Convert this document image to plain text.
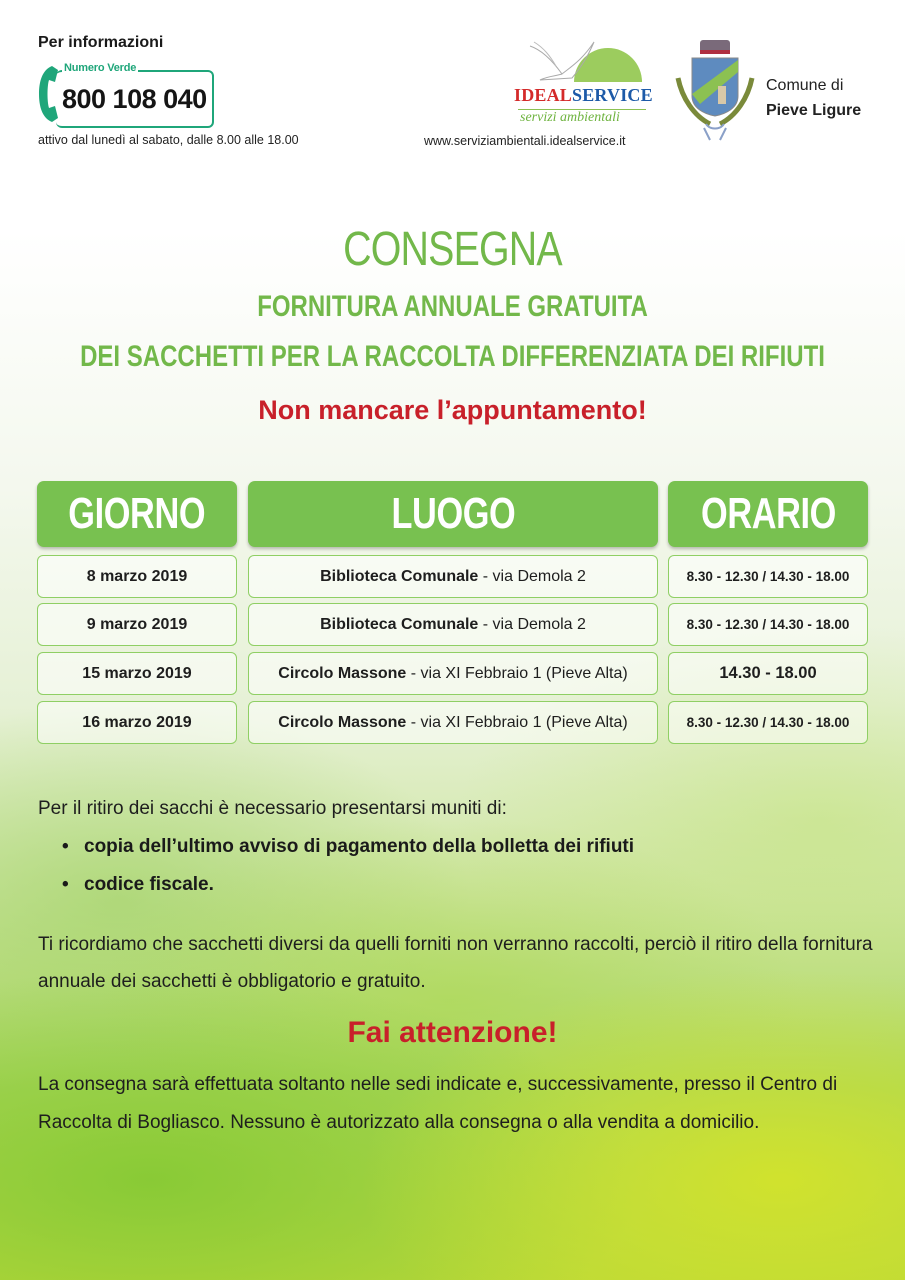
Per informazioni
Numero Verde
800 108 040
attivo dal lunedì al sabato, dalle 8.00 alle 18.00
IDEALSERVICE
servizi ambientali
www.serviziambientali.idealservice.it
Comune di
Pieve Ligure
CONSEGNA
FORNITURA ANNUALE GRATUITA
DEI SACCHETTI PER LA RACCOLTA DIFFERENZIATA DEI RIFIUTI
Non mancare l’appuntamento!
GIORNO	LUOGO	ORARIO
8 marzo 2019	Biblioteca Comunale - via Demola 2	8.30 - 12.30 / 14.30 - 18.00
9 marzo 2019	Biblioteca Comunale - via Demola 2	8.30 - 12.30 / 14.30 - 18.00
15 marzo 2019	Circolo Massone - via XI Febbraio 1 (Pieve Alta)	14.30 - 18.00
16 marzo 2019	Circolo Massone - via XI Febbraio 1 (Pieve Alta)	8.30 - 12.30 / 14.30 - 18.00
Per il ritiro dei sacchi è necessario presentarsi muniti di:
• copia dell’ultimo avviso di pagamento della bolletta dei rifiuti
• codice fiscale.
Ti ricordiamo che sacchetti diversi da quelli forniti non verranno raccolti, perciò il ritiro della fornitura annuale dei sacchetti è obbligatorio e gratuito.
Fai attenzione!
La consegna sarà effettuata soltanto nelle sedi indicate e, successivamente, presso il Centro di Raccolta di Bogliasco. Nessuno è autorizzato alla consegna o alla vendita a domicilio.
